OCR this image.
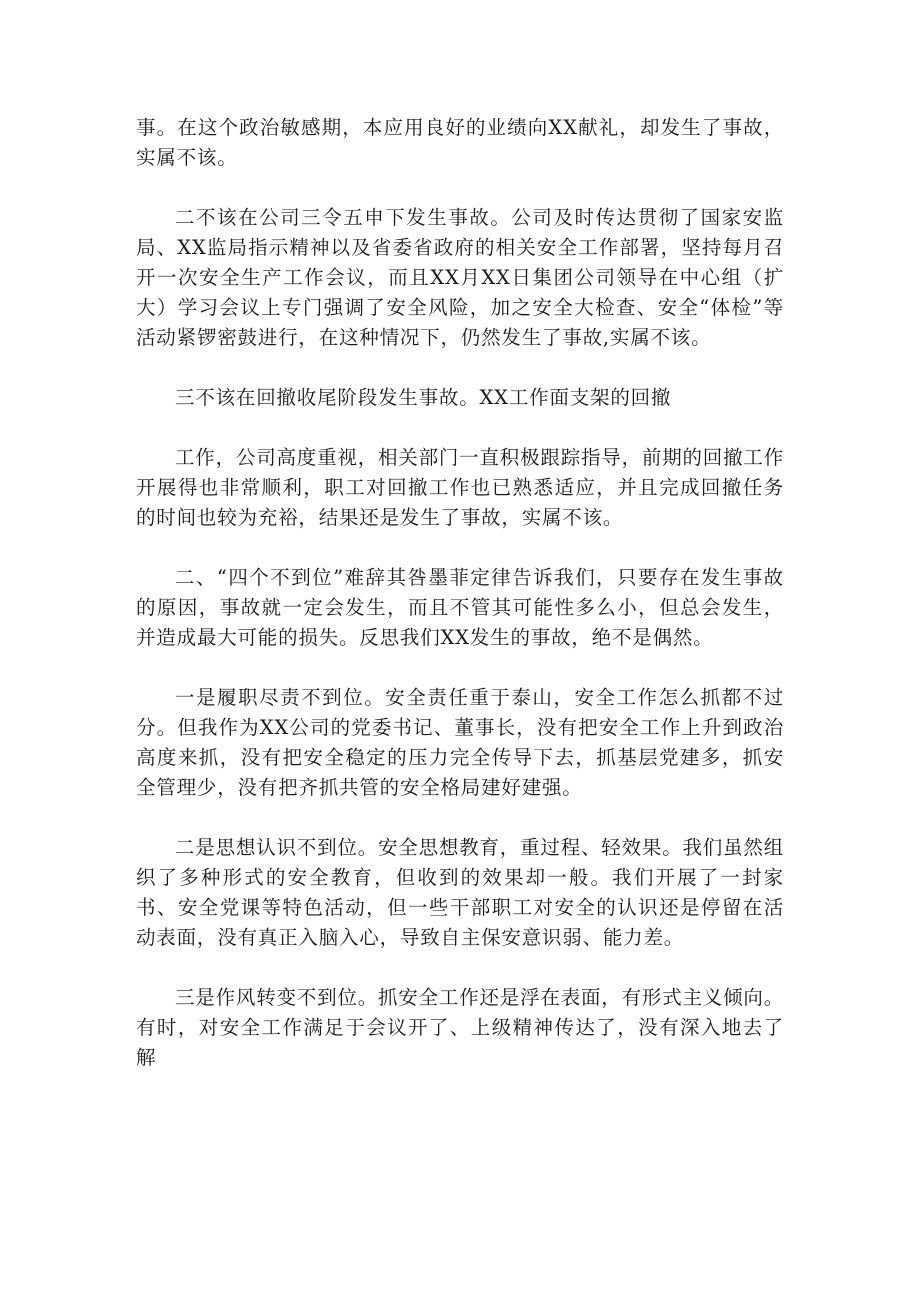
事。在这个政治敏感期，本应用良好的业绩向XX献礼，却发生了事故，实属不该。

二不该在公司三令五申下发生事故。公司及时传达贯彻了国家安监局、XX监局指示精神以及省委省政府的相关安全工作部署，坚持每月召开一次安全生产工作会议，而且XX月XX日集团公司领导在中心组（扩大）学习会议上专门强调了安全风险，加之安全大检查、安全“体检”等活动紧锣密鼓进行，在这种情况下，仍然发生了事故,实属不该。

三不该在回撤收尾阶段发生事故。XX工作面支架的回撤

工作，公司高度重视，相关部门一直积极跟踪指导，前期的回撤工作开展得也非常顺利，职工对回撤工作也已熟悉适应，并且完成回撤任务的时间也较为充裕，结果还是发生了事故，实属不该。

二、“四个不到位”难辞其咎墨菲定律告诉我们，只要存在发生事故的原因，事故就一定会发生，而且不管其可能性多么小，但总会发生，并造成最大可能的损失。反思我们XX发生的事故，绝不是偶然。

一是履职尽责不到位。安全责任重于泰山，安全工作怎么抓都不过分。但我作为XX公司的党委书记、董事长，没有把安全工作上升到政治高度来抓，没有把安全稳定的压力完全传导下去，抓基层党建多，抓安全管理少，没有把齐抓共管的安全格局建好建强。

二是思想认识不到位。安全思想教育，重过程、轻效果。我们虽然组织了多种形式的安全教育，但收到的效果却一般。我们开展了一封家书、安全党课等特色活动，但一些干部职工对安全的认识还是停留在活动表面，没有真正入脑入心，导致自主保安意识弱、能力差。

三是作风转变不到位。抓安全工作还是浮在表面，有形式主义倾向。有时，对安全工作满足于会议开了、上级精神传达了，没有深入地去了解
